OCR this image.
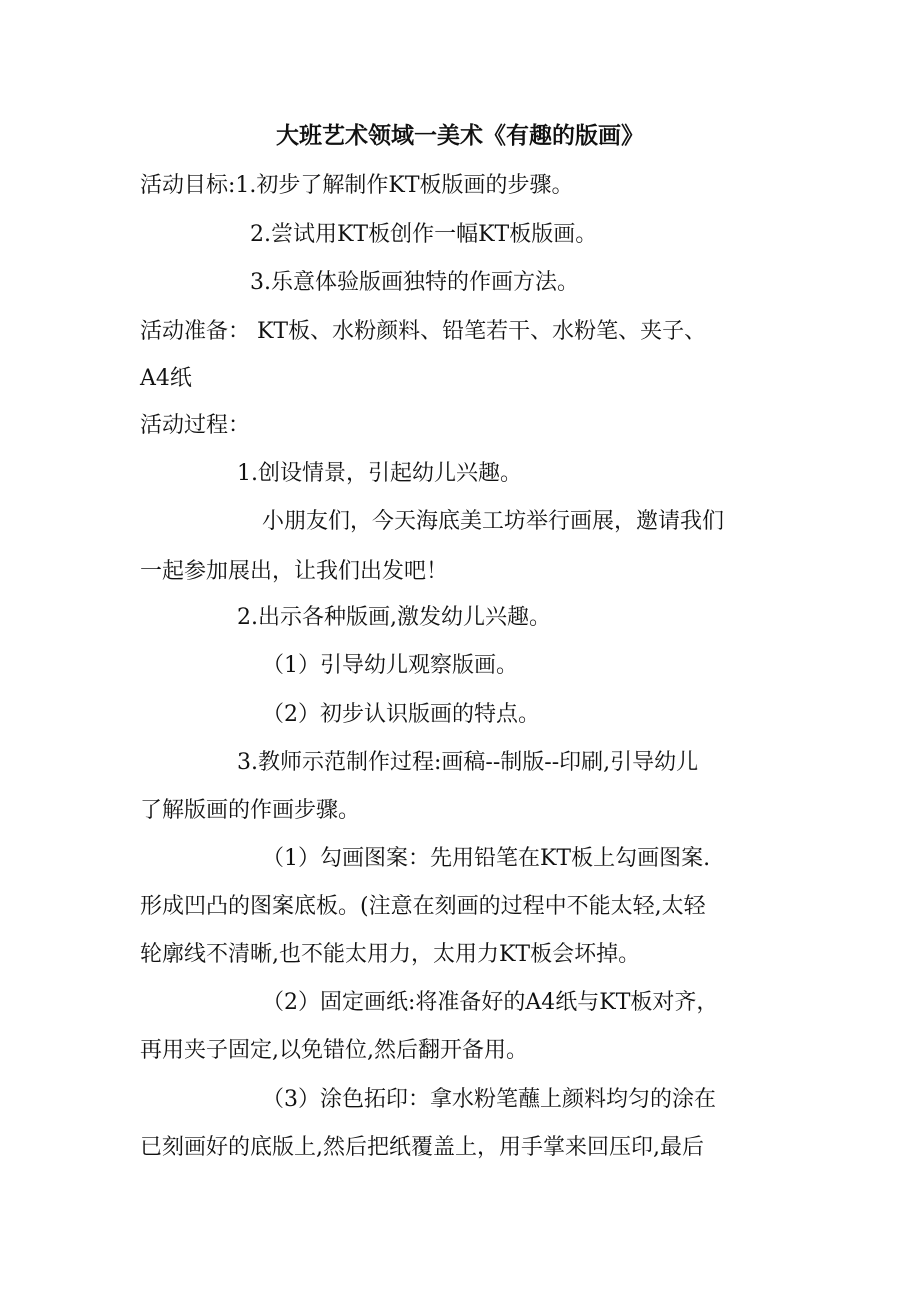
大班艺术领域一美术《有趣的版画》
活动目标:1.初步了解制作KT板版画的步骤。
2.尝试用KT板创作一幅KT板版画。
3.乐意体验版画独特的作画方法。
活动准备： KT板、水粉颜料、铅笔若干、水粉笔、夹子、
A4纸
活动过程：
1.创设情景，引起幼儿兴趣。
小朋友们，今天海底美工坊举行画展，邀请我们
一起参加展出，让我们出发吧！
2.出示各种版画,激发幼儿兴趣。
（1）引导幼儿观察版画。
（2）初步认识版画的特点。
3.教师示范制作过程:画稿--制版--印刷,引导幼儿
了解版画的作画步骤。
（1）勾画图案：先用铅笔在KT板上勾画图案.
形成凹凸的图案底板。(注意在刻画的过程中不能太轻,太轻
轮廓线不清晰,也不能太用力，太用力KT板会坏掉。
（2）固定画纸:将准备好的A4纸与KT板对齐，
再用夹子固定,以免错位,然后翻开备用。
（3）涂色拓印：拿水粉笔蘸上颜料均匀的涂在
已刻画好的底版上,然后把纸覆盖上，用手掌来回压印,最后
